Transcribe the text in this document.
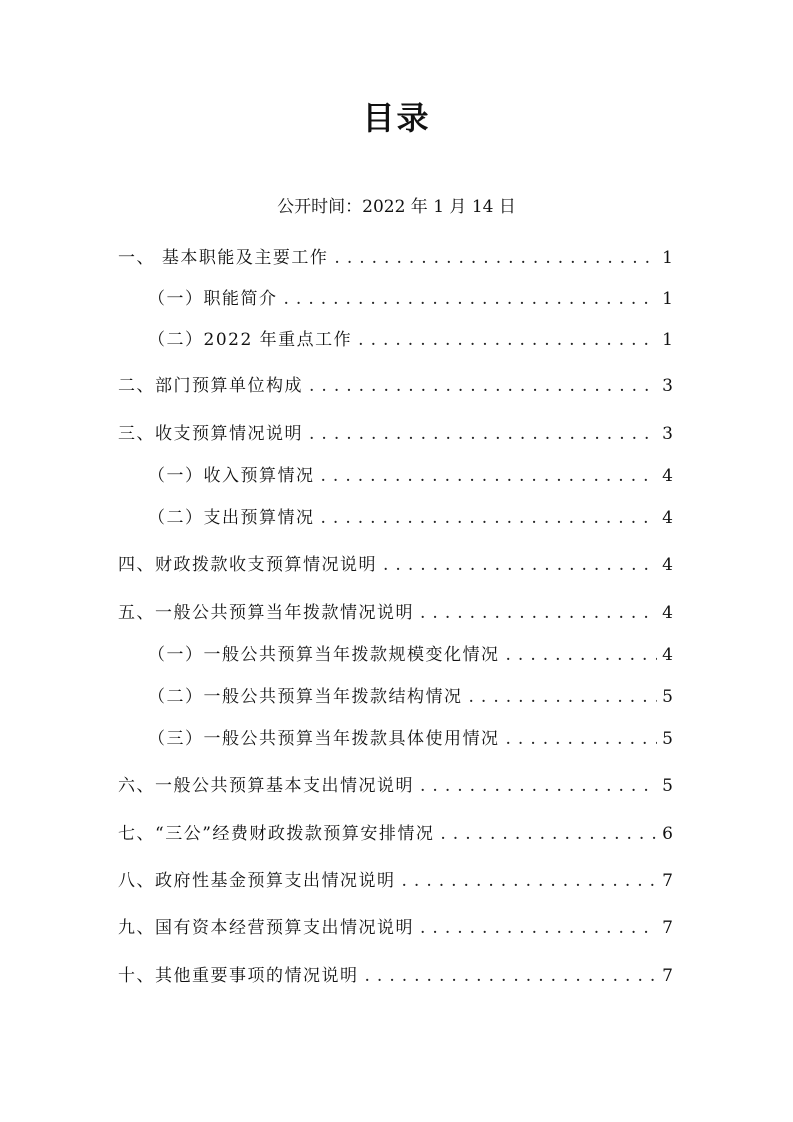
目录
公开时间：2022 年 1 月 14 日
一、 基本职能及主要工作 . . .	1
（一）职能简介 . . .	1
（二）2022 年重点工作 . . .	1
二、部门预算单位构成 . . .	3
三、收支预算情况说明 . . .	3
（一）收入预算情况 . . .	4
（二）支出预算情况 . . .	4
四、财政拨款收支预算情况说明 . . .	4
五、一般公共预算当年拨款情况说明 . . .	4
（一）一般公共预算当年拨款规模变化情况 . . .	4
（二）一般公共预算当年拨款结构情况 . . .	5
（三）一般公共预算当年拨款具体使用情况 . . .	5
六、一般公共预算基本支出情况说明 . . .	5
七、“三公”经费财政拨款预算安排情况 . . .	6
八、政府性基金预算支出情况说明 . . .	7
九、国有资本经营预算支出情况说明 . . .	7
十、其他重要事项的情况说明 . . .	7
